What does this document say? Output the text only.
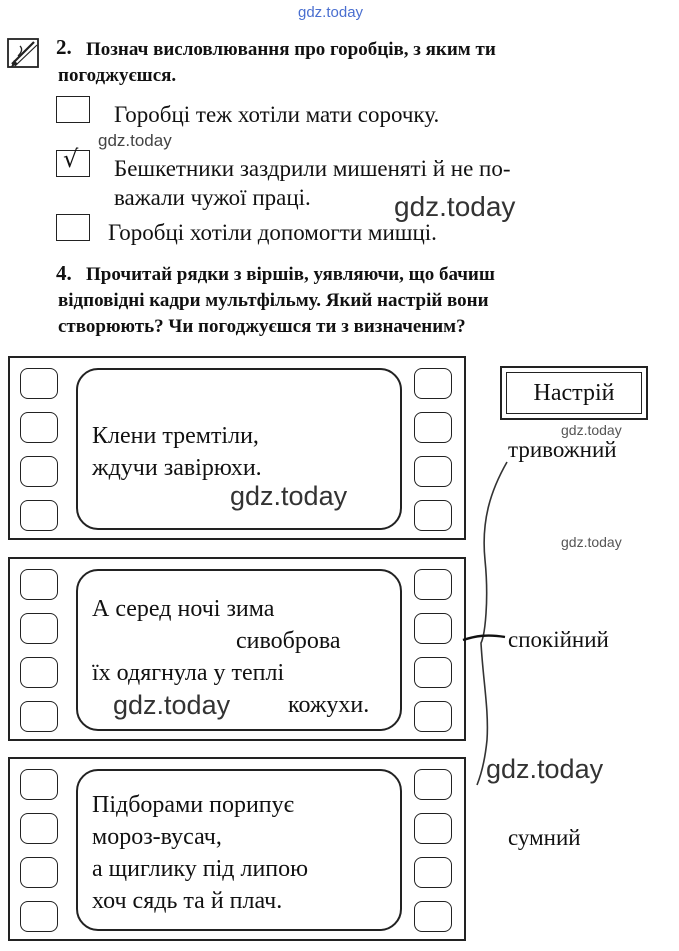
gdz.today
2. Познач висловлювання про горобців, з яким ти
погоджуєшся.
Горобці теж хотіли мати сорочку.
gdz.today
√ Бешкетники заздрили мишеняті й не по-
важали чужої праці.	gdz.today
Горобці хотіли допомогти мишці.
4. Прочитай рядки з віршів, уявляючи, що бачиш
відповідні кадри мультфільму. Який настрій вони
створюють? Чи погоджуєшся ти з визначеним?
Клени тремтіли,
ждучи завірюхи.
gdz.today
А серед ночі зима
сивоброва
їх одягнула у теплі
кожухи.
gdz.today
Підборами порипує
мороз-вусач,
а щиглику під липою
хоч сядь та й плач.
Настрій
gdz.today
тривожний
gdz.today
спокійний
gdz.today
сумний
